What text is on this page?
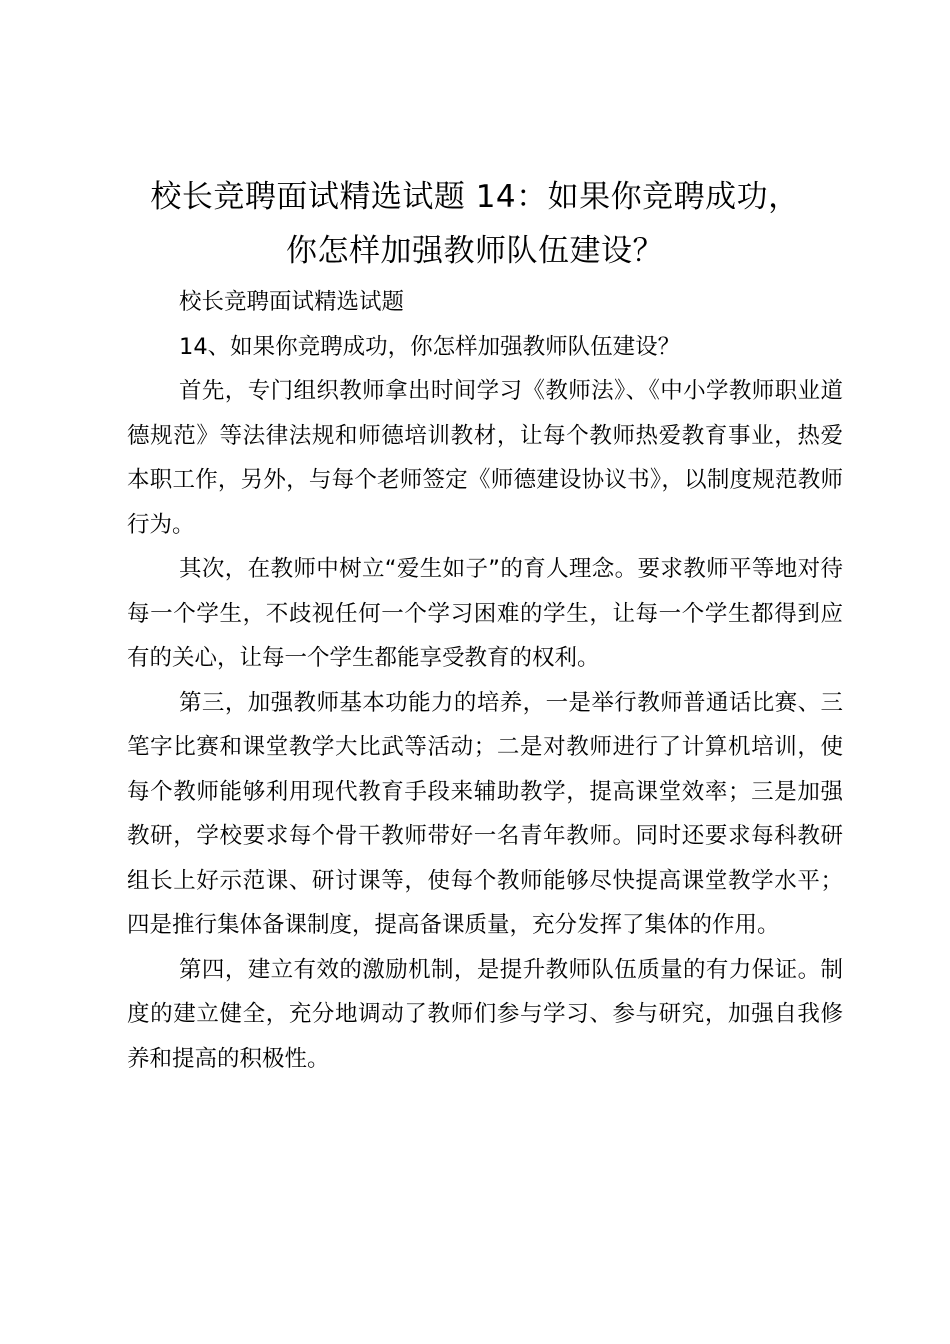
校长竞聘面试精选试题 14：如果你竞聘成功，
你怎样加强教师队伍建设？

校长竞聘面试精选试题

14、如果你竞聘成功，你怎样加强教师队伍建设？

首先，专门组织教师拿出时间学习《教师法》、《中小学教师职业道德规范》等法律法规和师德培训教材，让每个教师热爱教育事业，热爱本职工作，另外，与每个老师签定《师德建设协议书》，以制度规范教师行为。

其次，在教师中树立“爱生如子”的育人理念。要求教师平等地对待每一个学生，不歧视任何一个学习困难的学生，让每一个学生都得到应有的关心，让每一个学生都能享受教育的权利。

第三，加强教师基本功能力的培养，一是举行教师普通话比赛、三笔字比赛和课堂教学大比武等活动；二是对教师进行了计算机培训，使每个教师能够利用现代教育手段来辅助教学，提高课堂效率；三是加强教研，学校要求每个骨干教师带好一名青年教师。同时还要求每科教研组长上好示范课、研讨课等，使每个教师能够尽快提高课堂教学水平；四是推行集体备课制度，提高备课质量，充分发挥了集体的作用。

第四，建立有效的激励机制，是提升教师队伍质量的有力保证。制度的建立健全，充分地调动了教师们参与学习、参与研究，加强自我修养和提高的积极性。
